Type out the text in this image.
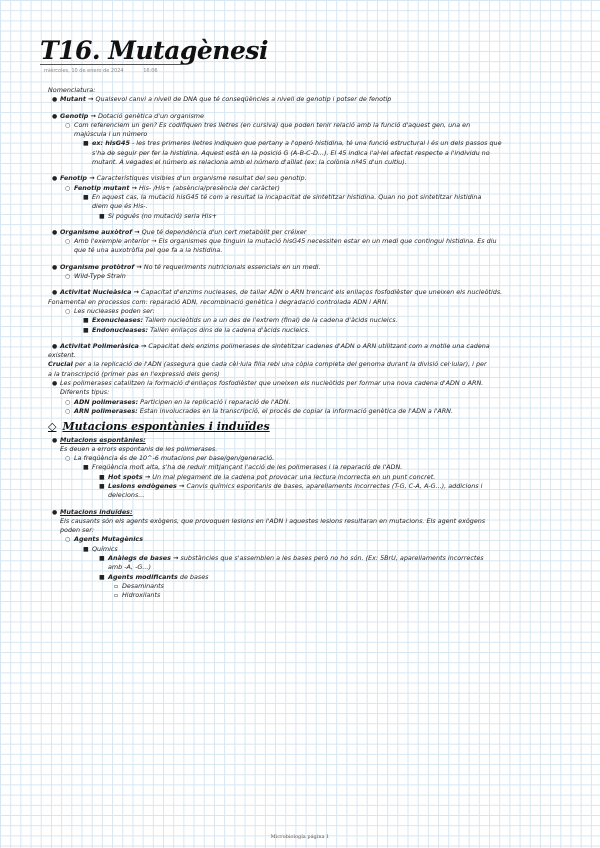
T16. Mutagènesi
miércoles, 10 de enero de 2024	16:06
Nomenclatura:
● Mutant → Qualsevol canvi a nivell de DNA que té conseqüències a nivell de genotip i potser de fenotip
● Genotip → Dotació genètica d'un organisme
○ Com referenciem un gen? Es codifiquen tres lletres (en cursiva) que poden tenir relació amb la funció d'aquest gen, una en
majúscula i un número
■ ex: hisG45 - les tres primeres lletres indiquen que pertany a l'operó histidina, té una funció estructural i és un dels passos que
s'ha de seguir per fer la histidina. Aquest està en la posició G (A-B-C-D...). El 45 indica l'al·lel afectat respecte a l'individu no
mutant. A vegades el número es relaciona amb el número d'aïllat (ex: la colònia nº45 d'un cultiu).
● Fenotip → Característiques visibles d'un organisme resultat del seu genotip.
○ Fenotip mutant → His- /His+ (absència/presència del caràcter)
■ En aquest cas, la mutació hisG45 té com a resultat la incapacitat de sintetitzar histidina. Quan no pot sintetitzar histidina
diem que és His-.
■ Si pogués (no mutació) seria His+
● Organisme auxòtrof → Que té dependència d'un cert metabòlit per créixer
○ Amb l'exemple anterior → Els organismes que tinguin la mutació hisG45 necessiten estar en un medi que contingui histidina. Es diu
que té una auxotròfia pel que fa a la histidina.
● Organisme protòtrof → No té requeriments nutricionals essencials en un medi.
○ Wild-Type Strain
● Activitat Nucleàsica → Capacitat d'enzims nucleases, de tallar ADN o ARN trencant els enllaços fosfodièster que uneixen els nucleòtids.
Fonamental en processos com: reparació ADN, recombinació genètica i degradació controlada ADN i ARN.
○ Les nucleases poden ser:
■ Exonucleases: Tallem nucleòtids un a un des de l'extrem (final) de la cadena d'àcids nucleics.
■ Endonucleases: Tallen enllaços dins de la cadena d'àcids nucleics.
● Activitat Polimeràsica → Capacitat dels enzims polimerases de sintetitzar cadenes d'ADN o ARN utilitzant com a motlle una cadena
existent.
Crucial per a la replicació de l'ADN (assegura que cada cèl·lula filla rebi una còpia completa del genoma durant la divisió cel·lular), i per
a la transcripció (primer pas en l'expressió dels gens)
● Les polimerases catalitzen la formació d'enllaços fosfodièster que uneixen els nucleòtids per formar una nova cadena d'ADN o ARN.
Diferents tipus:
○ ADN polimerases: Participen en la replicació i reparació de l'ADN.
○ ARN polimerases: Estan involucrades en la transcripció, el procés de copiar la informació genètica de l'ADN a l'ARN.
◇ Mutacions espontànies i induïdes
● Mutacions espontànies:
Es deuen a errors espontanis de les polimerases.
○ La freqüència és de 10^-6 mutacions per base/gen/generació.
■ Freqüència molt alta, s'ha de reduir mitjançant l'acció de les polimerases i la reparació de l'ADN.
■ Hot spots → Un mal plegament de la cadena pot provocar una lectura incorrecta en un punt concret.
■ Lesions endògenes → Canvis químics espontanis de bases, aparellaments incorrectes (T-G, C-A, A-G...), addicions i
delecions...
● Mutacions induïdes:
Els causants són els agents exògens, que provoquen lesions en l'ADN i aquestes lesions resultaran en mutacions. Els agent exògens
poden ser:
○ Agents Mutagènics
■ Químics
■ Anàlegs de bases → substàncies que s'assemblen a les bases però no ho són. (Ex: 5BrU, aparellaments incorrectes
amb -A, -G...)
■ Agents modificants de bases
▫ Desaminants
▫ Hidroxilants
Microbiología página 1
